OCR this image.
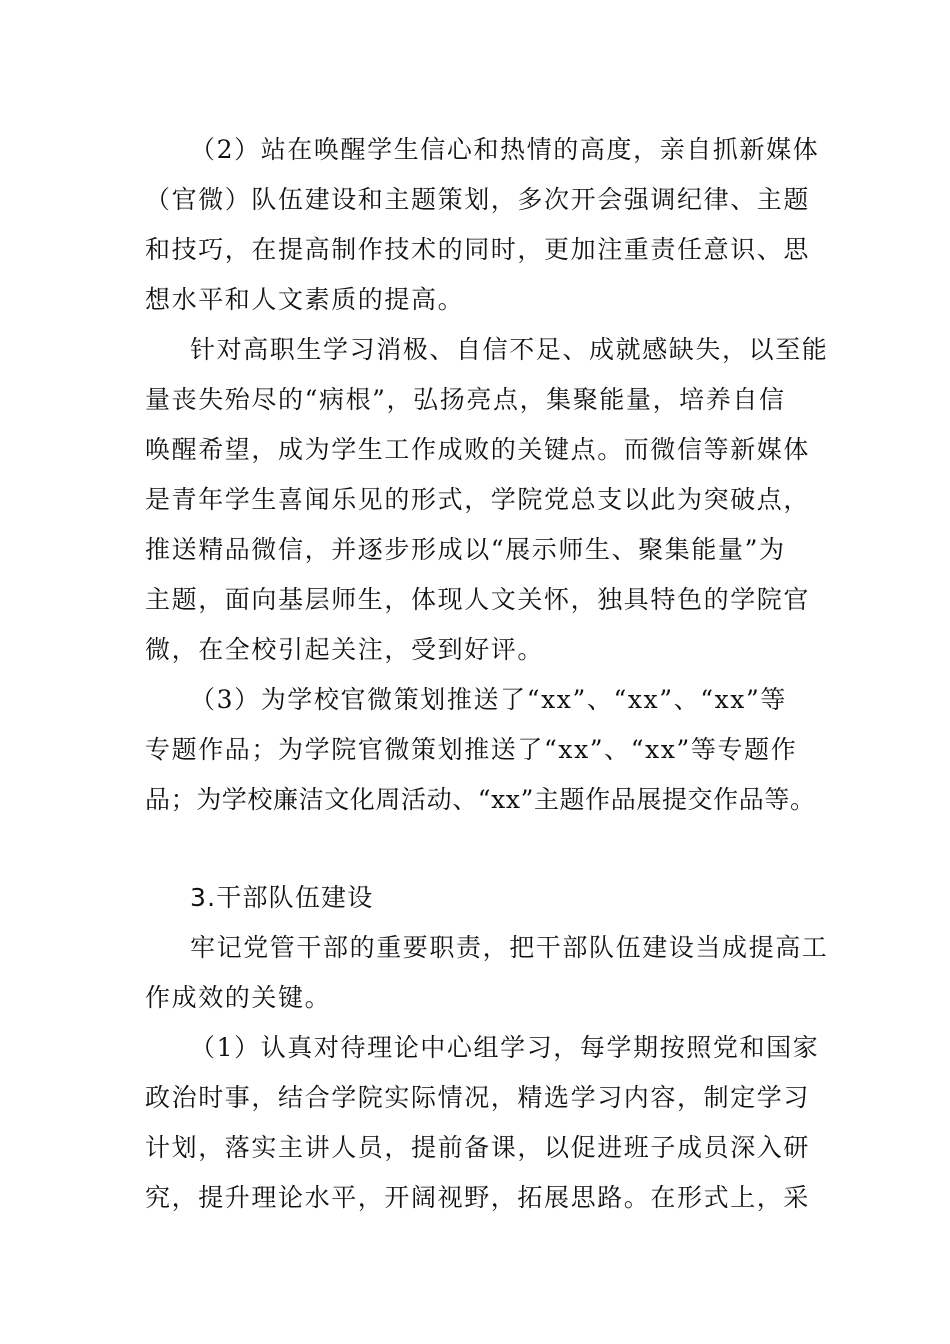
（2）站在唤醒学生信心和热情的高度，亲自抓新媒体
（官微）队伍建设和主题策划，多次开会强调纪律、主题
和技巧，在提高制作技术的同时，更加注重责任意识、思
想水平和人文素质的提高。
针对高职生学习消极、自信不足、成就感缺失，以至能
量丧失殆尽的“病根”，弘扬亮点，集聚能量，培养自信
唤醒希望，成为学生工作成败的关键点。而微信等新媒体
是青年学生喜闻乐见的形式，学院党总支以此为突破点，
推送精品微信，并逐步形成以“展示师生、聚集能量”为
主题，面向基层师生，体现人文关怀，独具特色的学院官
微，在全校引起关注，受到好评。
（3）为学校官微策划推送了“xx”、“xx”、“xx”等
专题作品；为学院官微策划推送了“xx”、“xx”等专题作
品；为学校廉洁文化周活动、“xx”主题作品展提交作品等。
3.干部队伍建设
牢记党管干部的重要职责，把干部队伍建设当成提高工
作成效的关键。
（1）认真对待理论中心组学习，每学期按照党和国家
政治时事，结合学院实际情况，精选学习内容，制定学习
计划，落实主讲人员，提前备课，以促进班子成员深入研
究，提升理论水平，开阔视野，拓展思路。在形式上，采
